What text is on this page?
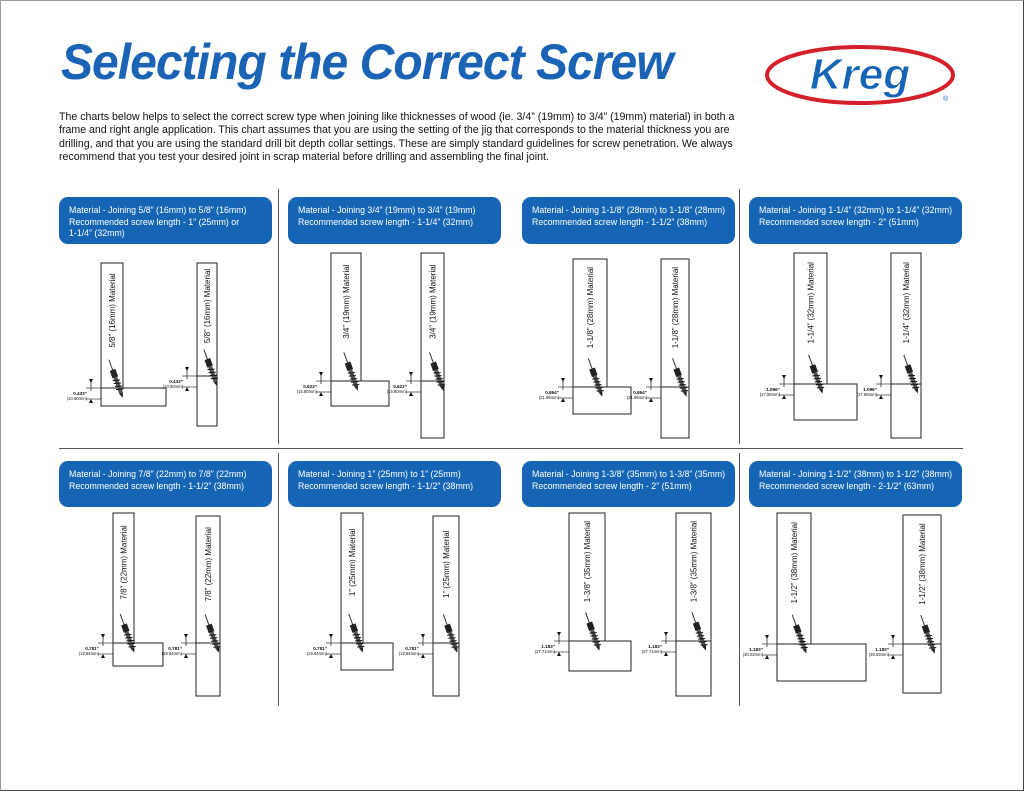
Selecting the Correct Screw	Kreg
®
The charts below helps to select the correct screw type when joining like thicknesses of wood (ie. 3/4” (19mm) to 3/4” (19mm) material) in both a frame and right angle application. This chart assumes that you are using the setting of the jig that corresponds to the material thickness you are drilling, and that you are using the standard drill bit depth collar settings. These are simply standard guidelines for screw penetration. We always recommend that you test your desired joint in scrap material before drilling and assembling the final joint.
5/8” (16mm) Material
0.433”
(10.50mm)
5/8” (16mm) Material
0.433”
(10.50mm)
3/4” (19mm) Material
0.623”
(15.80mm)
3/4” (19mm) Material
0.623”
(15.80mm)
1-1/8” (28mm) Material
0.864”
(21.95mm)
1-1/8” (28mm) Material
0.864”
(21.95mm)
1-1/4” (32mm) Material
1.096”
(27.85mm)
1-1/4” (32mm) Material
1.096”
(27.85mm)
7/8” (22mm) Material
0.781”
(19.84mm)
7/8” (22mm) Material
0.781”
(19.84mm)
1” (25mm) Material
0.781”
(19.84mm)
1” (25mm) Material
0.781”
(19.84mm)
1-3/8” (35mm) Material
1.183”
(27.71mm)
1-3/8” (35mm) Material
1.183”
(27.71mm)
1-1/2” (38mm) Material
1.183”
(30.03mm)
1-1/2” (38mm) Material
1.183”
(30.03mm)
Material - Joining 5/8” (16mm) to 5/8” (16mm)
Recommended screw length - 1” (25mm) or
1-1/4” (32mm)
Material - Joining 3/4” (19mm) to 3/4” (19mm)
Recommended screw length - 1-1/4” (32mm)
Material - Joining 1-1/8” (28mm) to 1-1/8” (28mm)
Recommended screw length - 1-1/2” (38mm)
Material - Joining 1-1/4” (32mm) to 1-1/4” (32mm)
Recommended screw length - 2” (51mm)
Material - Joining 7/8” (22mm) to 7/8” (22mm)
Recommended screw length - 1-1/2” (38mm)
Material - Joining 1” (25mm) to 1” (25mm)
Recommended screw length - 1-1/2” (38mm)
Material - Joining 1-3/8” (35mm) to 1-3/8” (35mm)
Recommended screw length - 2” (51mm)
Material - Joining 1-1/2” (38mm) to 1-1/2” (38mm)
Recommended screw length - 2-1/2” (63mm)
